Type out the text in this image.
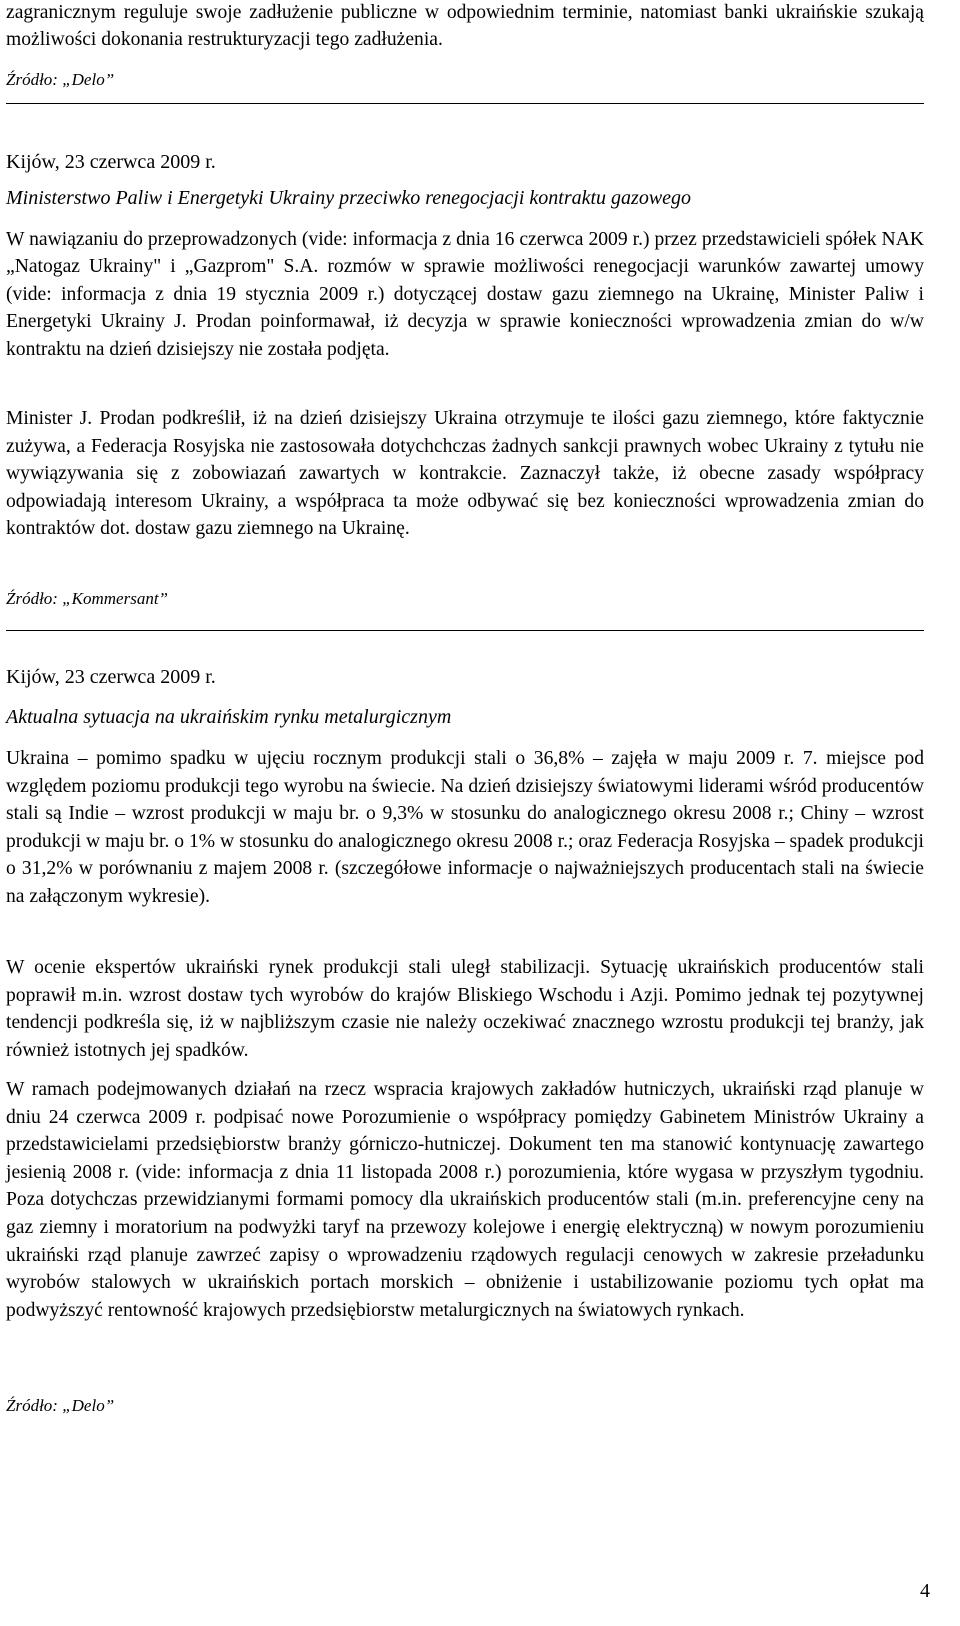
zagranicznym reguluje swoje zadłużenie publiczne w odpowiednim terminie, natomiast banki ukraińskie szukają możliwości dokonania restrukturyzacji tego zadłużenia.

Źródło: „Delo”

Kijów, 23 czerwca 2009 r.

Ministerstwo Paliw i Energetyki Ukrainy przeciwko renegocjacji kontraktu gazowego

W nawiązaniu do przeprowadzonych (vide: informacja z dnia 16 czerwca 2009 r.) przez przedstawicieli spółek NAK „Natogaz Ukrainy" i „Gazprom" S.A. rozmów w sprawie możliwości renegocjacji warunków zawartej umowy (vide: informacja z dnia 19 stycznia 2009 r.) dotyczącej dostaw gazu ziemnego na Ukrainę, Minister Paliw i Energetyki Ukrainy J. Prodan poinformawał, iż decyzja w sprawie konieczności wprowadzenia zmian do w/w kontraktu na dzień dzisiejszy nie została podjęta.

Minister J. Prodan podkreślił, iż na dzień dzisiejszy Ukraina otrzymuje te ilości gazu ziemnego, które faktycznie zużywa, a Federacja Rosyjska nie zastosowała dotychchczas żadnych sankcji prawnych wobec Ukrainy z tytułu nie wywiązywania się z zobowiazań zawartych w kontrakcie. Zaznaczył także, iż obecne zasady współpracy odpowiadają interesom Ukrainy, a współpraca ta może odbywać się bez konieczności wprowadzenia zmian do kontraktów dot. dostaw gazu ziemnego na Ukrainę.

Źródło: „Kommersant”

Kijów, 23 czerwca 2009 r.

Aktualna sytuacja na ukraińskim rynku metalurgicznym

Ukraina – pomimo spadku w ujęciu rocznym produkcji stali o 36,8% – zajęła w maju 2009 r. 7. miejsce pod względem poziomu produkcji tego wyrobu na świecie. Na dzień dzisiejszy światowymi liderami wśród producentów stali są Indie – wzrost produkcji w maju br. o 9,3% w stosunku do analogicznego okresu 2008 r.; Chiny – wzrost produkcji w maju br. o 1% w stosunku do analogicznego okresu 2008 r.; oraz Federacja Rosyjska – spadek produkcji o 31,2% w porównaniu z majem 2008 r. (szczegółowe informacje o najważniejszych producentach stali na świecie na załączonym wykresie).

W ocenie ekspertów ukraiński rynek produkcji stali uległ stabilizacji. Sytuację ukraińskich producentów stali poprawił m.in. wzrost dostaw tych wyrobów do krajów Bliskiego Wschodu i Azji. Pomimo jednak tej pozytywnej tendencji podkreśla się, iż w najbliższym czasie nie należy oczekiwać znacznego wzrostu produkcji tej branży, jak również istotnych jej spadków.

W ramach podejmowanych działań na rzecz wspracia krajowych zakładów hutniczych, ukraiński rząd planuje w dniu 24 czerwca 2009 r. podpisać nowe Porozumienie o współpracy pomiędzy Gabinetem Ministrów Ukrainy a przedstawicielami przedsiębiorstw branży górniczo-hutniczej. Dokument ten ma stanowić kontynuację zawartego jesienią 2008 r. (vide: informacja z dnia 11 listopada 2008 r.) porozumienia, które wygasa w przyszłym tygodniu. Poza dotychczas przewidzianymi formami pomocy dla ukraińskich producentów stali (m.in. preferencyjne ceny na gaz ziemny i moratorium na podwyżki taryf na przewozy kolejowe i energię elektryczną) w nowym porozumieniu ukraiński rząd planuje zawrzeć zapisy o wprowadzeniu rządowych regulacji cenowych w zakresie przeładunku wyrobów stalowych w ukraińskich portach morskich – obniżenie i ustabilizowanie poziomu tych opłat ma podwyższyć rentowność krajowych przedsiębiorstw metalurgicznych na światowych rynkach.

Źródło: „Delo”

4
